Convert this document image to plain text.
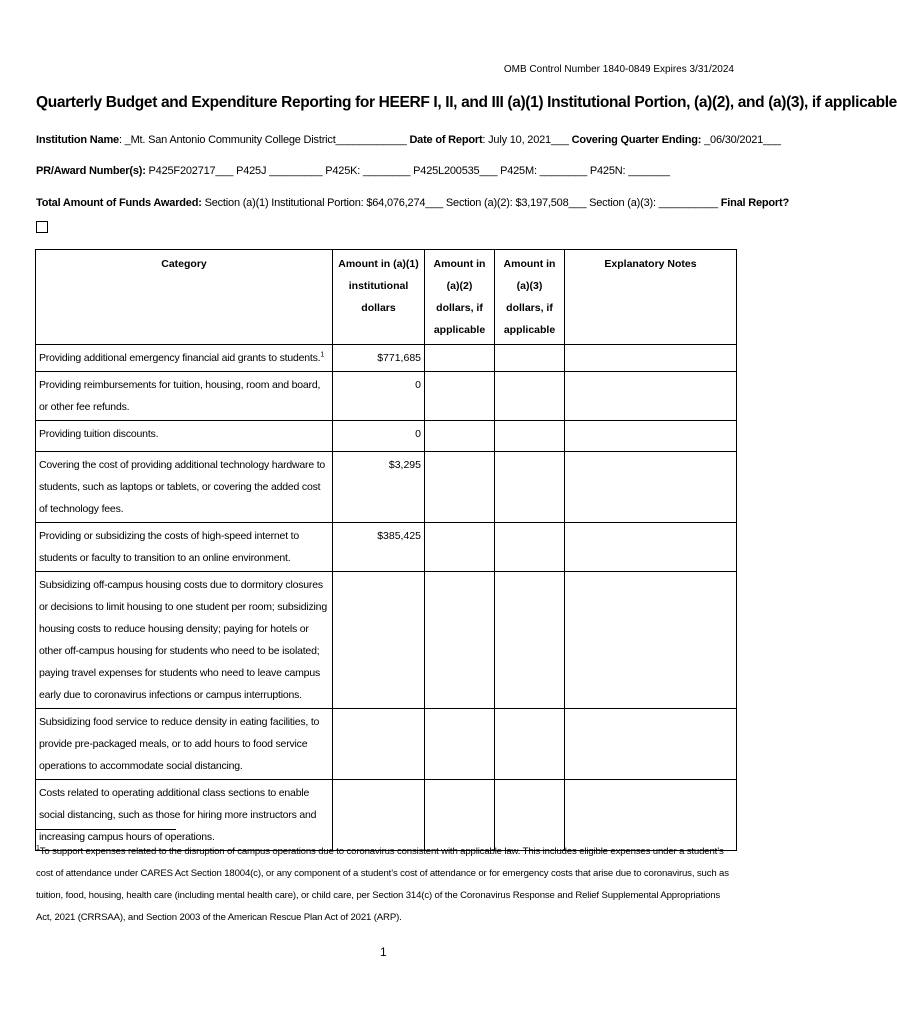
OMB Control Number 1840-0849 Expires 3/31/2024
Quarterly Budget and Expenditure Reporting for HEERF I, II, and III (a)(1) Institutional Portion, (a)(2), and (a)(3), if applicable
Institution Name: _Mt. San Antonio Community College District____________ Date of Report: July 10, 2021___ Covering Quarter Ending: _06/30/2021___
PR/Award Number(s): P425F202717___ P425J _________ P425K: ________ P425L200535___ P425M: ________ P425N: _______
Total Amount of Funds Awarded: Section (a)(1) Institutional Portion: $64,076,274___ Section (a)(2): $3,197,508___ Section (a)(3): __________ Final Report?
Category	Amount in (a)(1) institutional dollars	Amount in (a)(2) dollars, if applicable	Amount in (a)(3) dollars, if applicable	Explanatory Notes
Providing additional emergency financial aid grants to students.$^1$	$771,685			
Providing reimbursements for tuition, housing, room and board, or other fee refunds.	0			
Providing tuition discounts.	0			
Covering the cost of providing additional technology hardware to students, such as laptops or tablets, or covering the added cost of technology fees.	$3,295			
Providing or subsidizing the costs of high-speed internet to students or faculty to transition to an online environment.	$385,425			
Subsidizing off-campus housing costs due to dormitory closures or decisions to limit housing to one student per room; subsidizing housing costs to reduce housing density; paying for hotels or other off-campus housing for students who need to be isolated; paying travel expenses for students who need to leave campus early due to coronavirus infections or campus interruptions.				
Subsidizing food service to reduce density in eating facilities, to provide pre-packaged meals, or to add hours to food service operations to accommodate social distancing.				
Costs related to operating additional class sections to enable social distancing, such as those for hiring more instructors and increasing campus hours of operations.				
$^1$To support expenses related to the disruption of campus operations due to coronavirus consistent with applicable law. This includes eligible expenses under a student’s cost of attendance under CARES Act Section 18004(c), or any component of a student’s cost of attendance or for emergency costs that arise due to coronavirus, such as tuition, food, housing, health care (including mental health care), or child care, per Section 314(c) of the Coronavirus Response and Relief Supplemental Appropriations Act, 2021 (CRRSAA), and Section 2003 of the American Rescue Plan Act of 2021 (ARP).
1
